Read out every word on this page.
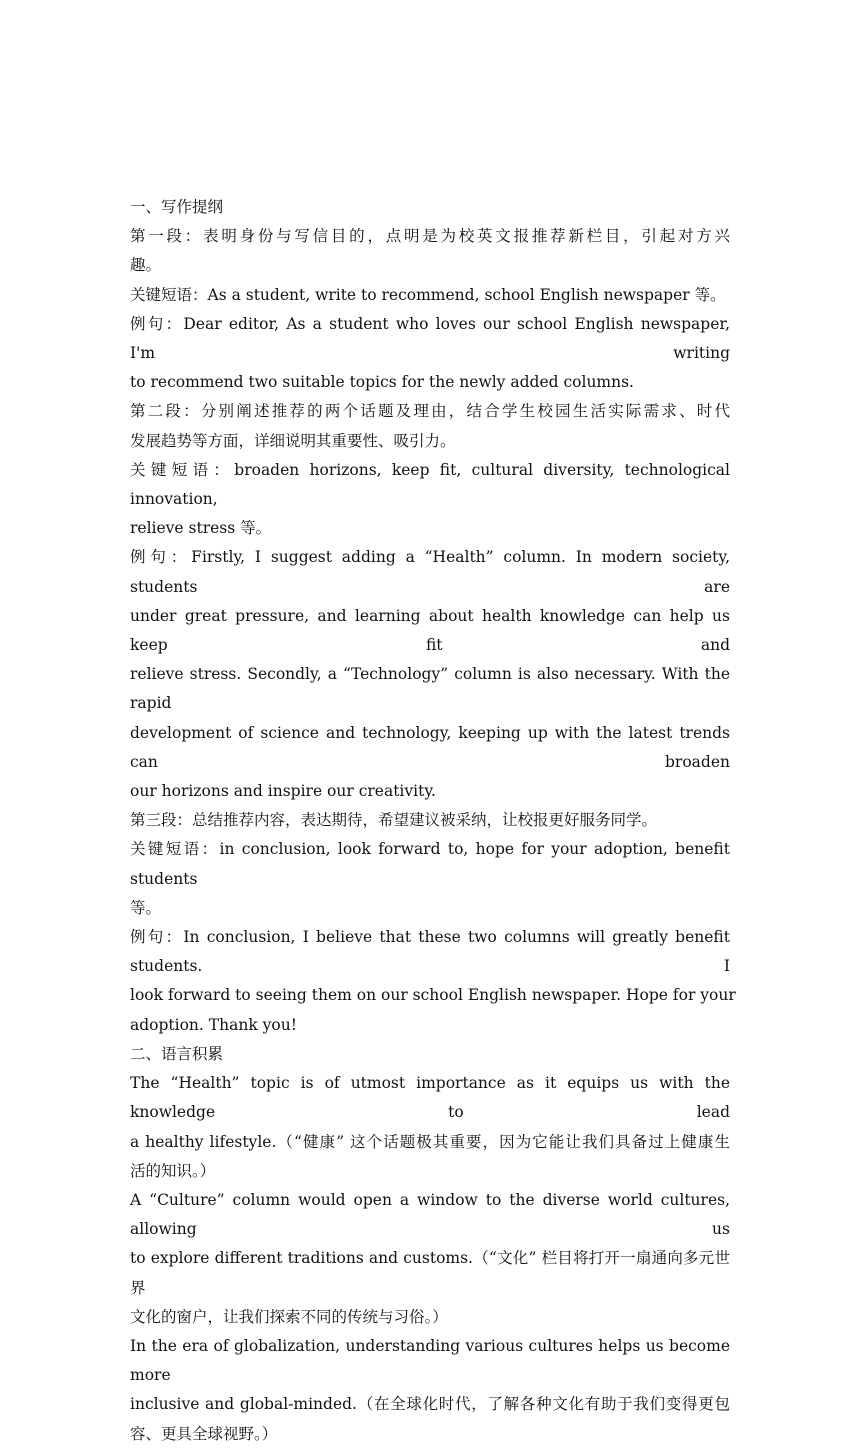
一、写作提纲
第一段：表明身份与写信目的，点明是为校英文报推荐新栏目，引起对方兴
趣。
关键短语：As a student, write to recommend, school English newspaper 等。
例句：Dear editor, As a student who loves our school English newspaper, I'm writing
to recommend two suitable topics for the newly added columns.
第二段：分别阐述推荐的两个话题及理由，结合学生校园生活实际需求、时代
发展趋势等方面，详细说明其重要性、吸引力。
关键短语：broaden horizons, keep fit, cultural diversity, technological innovation,
relieve stress 等。
例句：Firstly, I suggest adding a “Health” column. In modern society, students are
under great pressure, and learning about health knowledge can help us keep fit and
relieve stress. Secondly, a “Technology” column is also necessary. With the rapid
development of science and technology, keeping up with the latest trends can broaden
our horizons and inspire our creativity.
第三段：总结推荐内容，表达期待，希望建议被采纳，让校报更好服务同学。
关键短语：in conclusion, look forward to, hope for your adoption, benefit students
等。
例句：In conclusion, I believe that these two columns will greatly benefit students. I
look forward to seeing them on our school English newspaper. Hope for your
adoption. Thank you!
二、语言积累
The “Health” topic is of utmost importance as it equips us with the knowledge to lead
a healthy lifestyle.（“健康” 这个话题极其重要，因为它能让我们具备过上健康生
活的知识。）
A “Culture” column would open a window to the diverse world cultures, allowing us
to explore different traditions and customs.（“文化” 栏目将打开一扇通向多元世界
文化的窗户，让我们探索不同的传统与习俗。）
In the era of globalization, understanding various cultures helps us become more
inclusive and global-minded.（在全球化时代，了解各种文化有助于我们变得更包
容、更具全球视野。）
